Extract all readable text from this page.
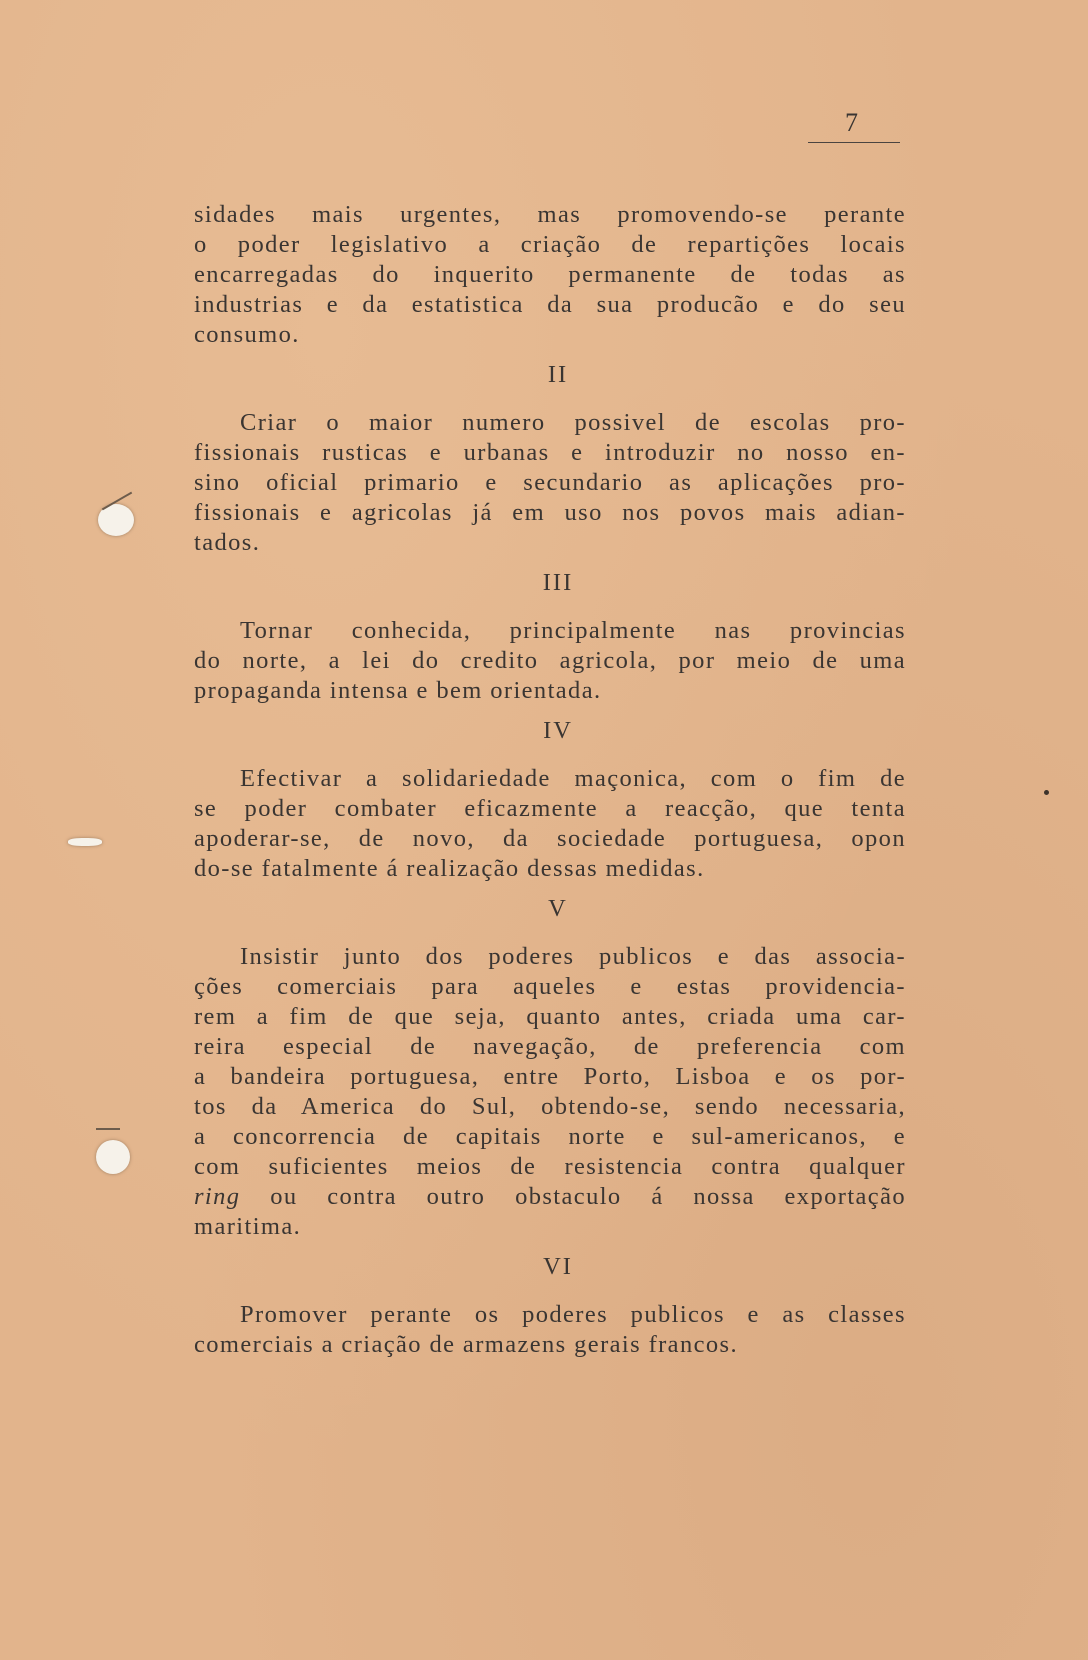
7

sidades mais urgentes, mas promovendo-se perante
o poder legislativo a criação de repartições locais
encarregadas do inquerito permanente de todas as
industrias e da estatistica da sua producão e do seu
consumo.

II

Criar o maior numero possivel de escolas pro-
fissionais rusticas e urbanas e introduzir no nosso en-
sino oficial primario e secundario as aplicações pro-
fissionais e agricolas já em uso nos povos mais adian-
tados.

III

Tornar conhecida, principalmente nas provincias
do norte, a lei do credito agricola, por meio de uma
propaganda intensa e bem orientada.

IV

Efectivar a solidariedade maçonica, com o fim de
se poder combater eficazmente a reacção, que tenta
apoderar-se, de novo, da sociedade portuguesa, opon
do-se fatalmente á realização dessas medidas.

V

Insistir junto dos poderes publicos e das associa-
ções comerciais para aqueles e estas providencia-
rem a fim de que seja, quanto antes, criada uma car-
reira especial de navegação, de preferencia com
a bandeira portuguesa, entre Porto, Lisboa e os por-
tos da America do Sul, obtendo-se, sendo necessaria,
a concorrencia de capitais norte e sul-americanos, e
com suficientes meios de resistencia contra qualquer
ring ou contra outro obstaculo á nossa exportação
maritima.

VI

Promover perante os poderes publicos e as classes
comerciais a criação de armazens gerais francos.
